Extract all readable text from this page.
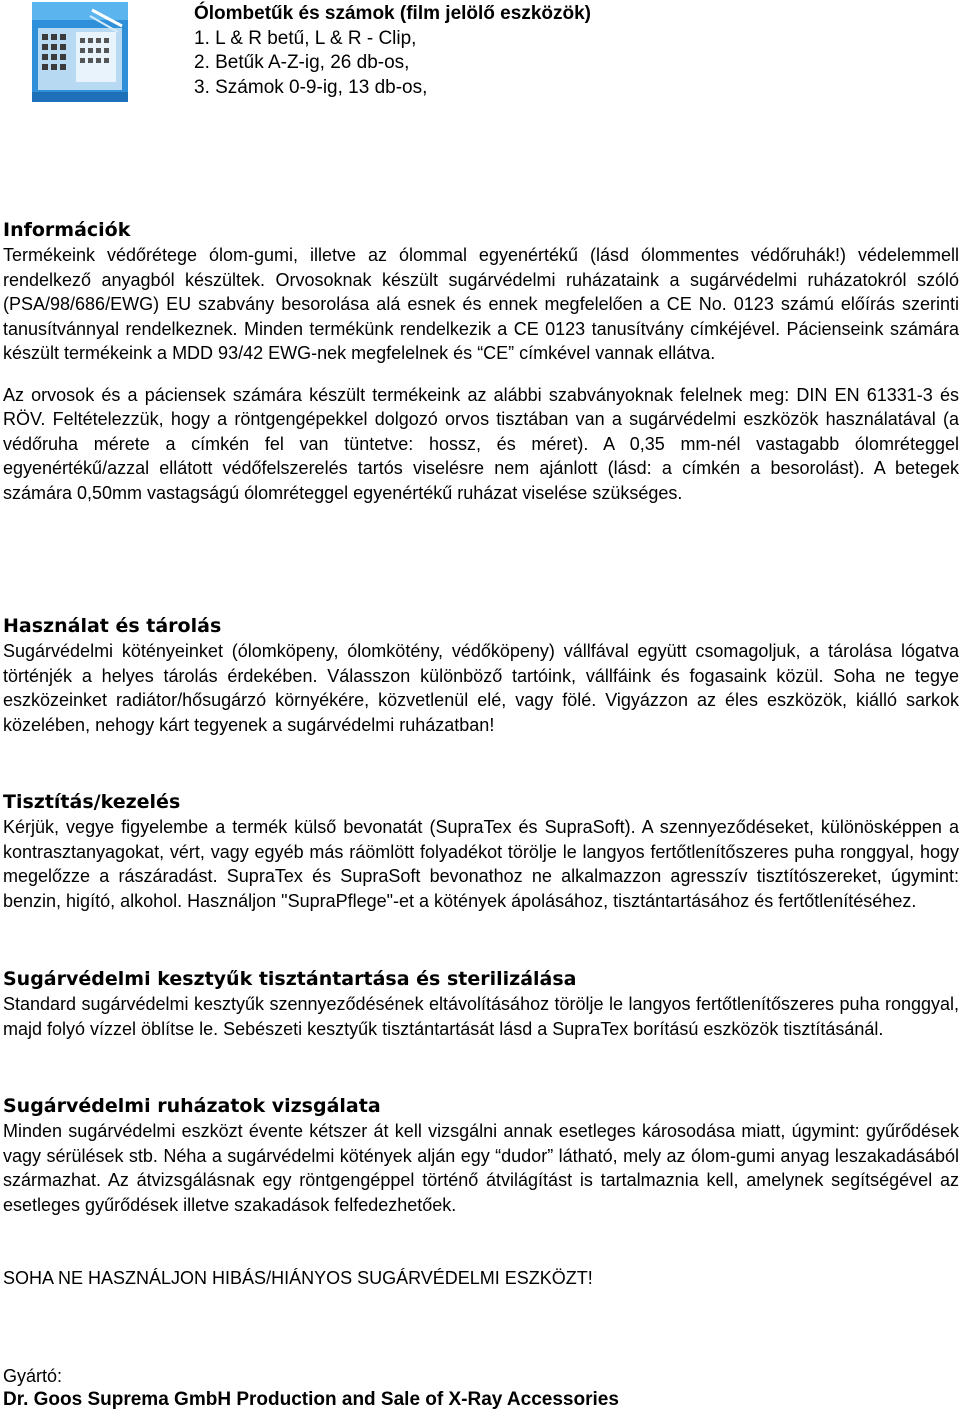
Ólombetűk és számok (film jelölő eszközök)
1. L & R betű, L & R - Clip,
2. Betűk A-Z-ig, 26 db-os,
3. Számok 0-9-ig, 13 db-os,
Információk
Termékeink védőrétege ólom-gumi, illetve az ólommal egyenértékű (lásd ólommentes védőruhák!) védelemmell rendelkező anyagból készültek. Orvosoknak készült sugárvédelmi ruházataink a sugárvédelmi ruházatokról szóló (PSA/98/686/EWG) EU szabvány besorolása alá esnek és ennek megfelelően a CE No. 0123 számú előírás szerinti tanusítvánnyal rendelkeznek. Minden termékünk rendelkezik a CE 0123 tanusítvány címkéjével. Pácienseink számára készült termékeink a MDD 93/42 EWG-nek megfelelnek és “CE” címkével vannak ellátva.
Az orvosok és a páciensek számára készült termékeink az alábbi szabványoknak felelnek meg: DIN EN 61331-3 és RÖV. Feltételezzük, hogy a röntgengépekkel dolgozó orvos tisztában van a sugárvédelmi eszközök használatával (a védőruha mérete a címkén fel van tüntetve: hossz, és méret). A 0,35 mm-nél vastagabb ólomréteggel egyenértékű/azzal ellátott védőfelszerelés tartós viselésre nem ajánlott (lásd: a címkén a besorolást). A betegek számára 0,50mm vastagságú ólomréteggel egyenértékű ruházat viselése szükséges.
Használat és tárolás
Sugárvédelmi kötényeinket (ólomköpeny, ólomkötény, védőköpeny) vállfával együtt csomagoljuk, a tárolása lógatva történjék a helyes tárolás érdekében. Válasszon különböző tartóink, vállfáink és fogasaink közül. Soha ne tegye eszközeinket radiátor/hősugárzó környékére, közvetlenül elé, vagy fölé. Vigyázzon az éles eszközök, kiálló sarkok közelében, nehogy kárt tegyenek a sugárvédelmi ruházatban!
Tisztítás/kezelés
Kérjük, vegye figyelembe a termék külső bevonatát (SupraTex és SupraSoft). A szennyeződéseket, különösképpen a kontrasztanyagokat, vért, vagy egyéb más ráömlött folyadékot törölje le langyos fertőtlenítőszeres puha ronggyal, hogy megelőzze a rászáradást. SupraTex és SupraSoft bevonathoz ne alkalmazzon agresszív tisztítószereket, úgymint: benzin, higító, alkohol. Használjon "SupraPflege"-et a kötények ápolásához, tisztántartásához és fertőtlenítéséhez.
Sugárvédelmi kesztyűk tisztántartása és sterilizálása
Standard sugárvédelmi kesztyűk szennyeződésének eltávolításához törölje le langyos fertőtlenítőszeres puha ronggyal, majd folyó vízzel öblítse le. Sebészeti kesztyűk tisztántartását lásd a SupraTex borítású eszközök tisztításánál.
Sugárvédelmi ruházatok vizsgálata
Minden sugárvédelmi eszközt évente kétszer át kell vizsgálni annak esetleges károsodása miatt, úgymint: gyűrődések vagy sérülések stb. Néha a sugárvédelmi kötények alján egy “dudor” látható, mely az ólom-gumi anyag leszakadásából származhat. Az átvizsgálásnak egy röntgengéppel történő átvilágítást is tartalmaznia kell, amelynek segítségével az esetleges gyűrődések illetve szakadások felfedezhetőek.
SOHA NE HASZNÁLJON HIBÁS/HIÁNYOS SUGÁRVÉDELMI ESZKÖZT!
Gyártó:
Dr. Goos Suprema GmbH Production and Sale of X-Ray Accessories
